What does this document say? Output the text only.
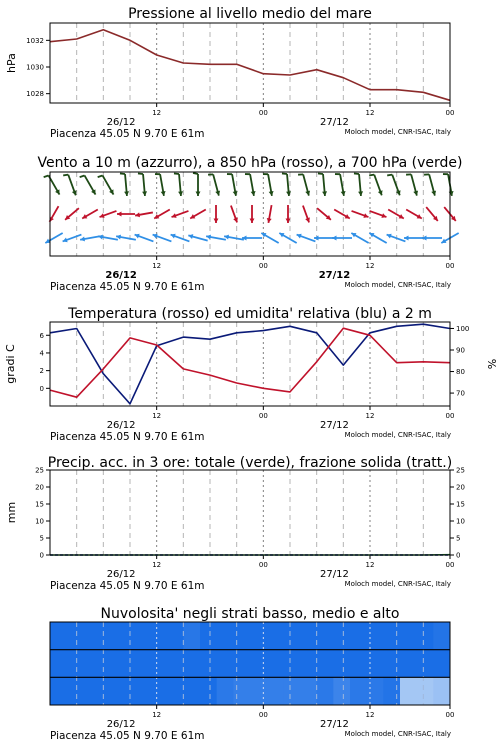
Pressione al livello medio del mare
12	00	12	00
26/12	27/12
Piacenza 45.05 N 9.70 E 61m	Moloch model, CNR-ISAC, Italy
hPa
1028
1030
1032
Vento a 10 m (azzurro), a 850 hPa (rosso), a 700 hPa (verde)
12	00	12	00
26/12	27/12
Piacenza 45.05 N 9.70 E 61m	Moloch model, CNR-ISAC, Italy
Temperatura (rosso) ed umidita' relativa (blu) a 2 m
12	00	12	00
26/12	27/12
Piacenza 45.05 N 9.70 E 61m	Moloch model, CNR-ISAC, Italy
gradi C	%
0
2
4
6
70
80
90
100
Precip. acc. in 3 ore: totale (verde), frazione solida (tratt.)
12	00	12	00
26/12	27/12
Piacenza 45.05 N 9.70 E 61m	Moloch model, CNR-ISAC, Italy
mm
0
5
10
15
20
25
0
5
10
15
20
25
Nuvolosita' negli strati basso, medio e alto
12	00	12	00
26/12	27/12
Piacenza 45.05 N 9.70 E 61m	Moloch model, CNR-ISAC, Italy
